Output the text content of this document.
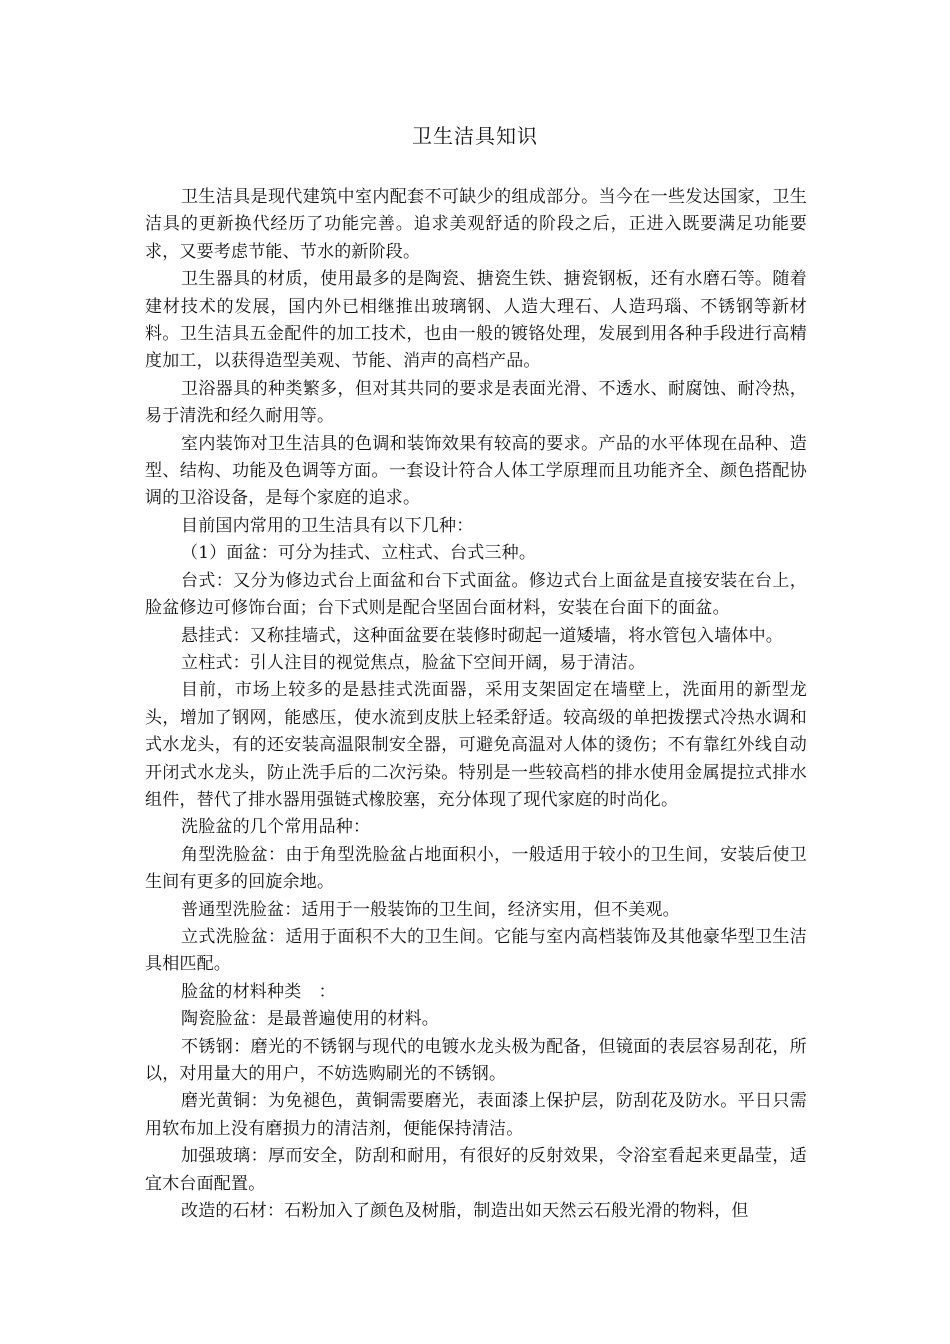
卫生洁具知识

卫生洁具是现代建筑中室内配套不可缺少的组成部分。当今在一些发达国家，卫生洁具的更新换代经历了功能完善。追求美观舒适的阶段之后，正进入既要满足功能要求，又要考虑节能、节水的新阶段。

卫生器具的材质，使用最多的是陶瓷、搪瓷生铁、搪瓷钢板，还有水磨石等。随着建材技术的发展，国内外已相继推出玻璃钢、人造大理石、人造玛瑙、不锈钢等新材料。卫生洁具五金配件的加工技术，也由一般的镀铬处理，发展到用各种手段进行高精度加工，以获得造型美观、节能、消声的高档产品。

卫浴器具的种类繁多，但对其共同的要求是表面光滑、不透水、耐腐蚀、耐冷热，易于清洗和经久耐用等。

室内装饰对卫生洁具的色调和装饰效果有较高的要求。产品的水平体现在品种、造型、结构、功能及色调等方面。一套设计符合人体工学原理而且功能齐全、颜色搭配协调的卫浴设备，是每个家庭的追求。

目前国内常用的卫生洁具有以下几种：

（1）面盆：可分为挂式、立柱式、台式三种。

台式：又分为修边式台上面盆和台下式面盆。修边式台上面盆是直接安装在台上，脸盆修边可修饰台面；台下式则是配合坚固台面材料，安装在台面下的面盆。

悬挂式：又称挂墙式，这种面盆要在装修时砌起一道矮墙，将水管包入墙体中。

立柱式：引人注目的视觉焦点，脸盆下空间开阔，易于清洁。

目前，市场上较多的是悬挂式洗面器，采用支架固定在墙壁上，洗面用的新型龙头，增加了钢网，能感压，使水流到皮肤上轻柔舒适。较高级的单把拨摆式冷热水调和式水龙头，有的还安装高温限制安全器，可避免高温对人体的烫伤；不有靠红外线自动开闭式水龙头，防止洗手后的二次污染。特别是一些较高档的排水使用金属提拉式排水组件，替代了排水器用强链式橡胶塞，充分体现了现代家庭的时尚化。

洗脸盆的几个常用品种：

角型洗脸盆：由于角型洗脸盆占地面积小，一般适用于较小的卫生间，安装后使卫生间有更多的回旋余地。

普通型洗脸盆：适用于一般装饰的卫生间，经济实用，但不美观。

立式洗脸盆：适用于面积不大的卫生间。它能与室内高档装饰及其他豪华型卫生洁具相匹配。

脸盆的材料种类　：

陶瓷脸盆：是最普遍使用的材料。

不锈钢：磨光的不锈钢与现代的电镀水龙头极为配备，但镜面的表层容易刮花，所以，对用量大的用户，不妨选购刷光的不锈钢。

磨光黄铜：为免褪色，黄铜需要磨光，表面漆上保护层，防刮花及防水。平日只需用软布加上没有磨损力的清洁剂，便能保持清洁。

加强玻璃：厚而安全，防刮和耐用，有很好的反射效果，令浴室看起来更晶莹，适宜木台面配置。

改造的石材：石粉加入了颜色及树脂，制造出如天然云石般光滑的物料，但
